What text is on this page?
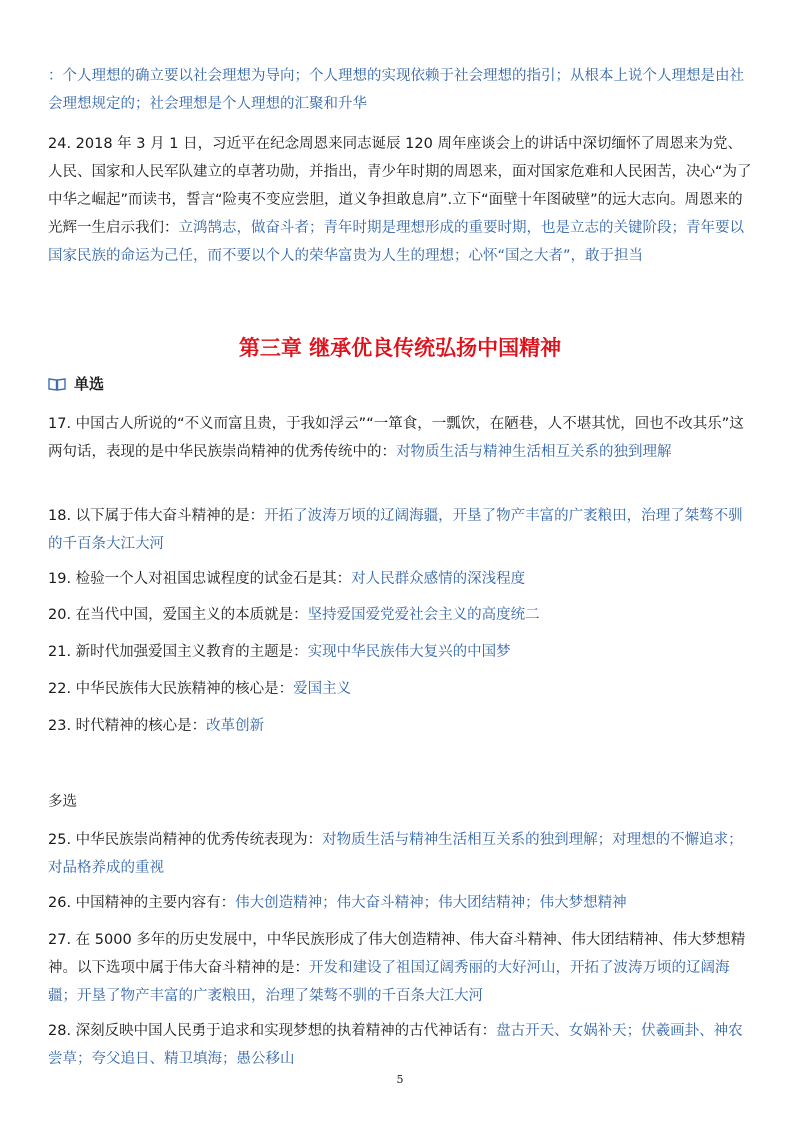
：个人理想的确立要以社会理想为导向；个人理想的实现依赖于社会理想的指引；从根本上说个人理想是由社会理想规定的；社会理想是个人理想的汇聚和升华
24. 2018 年 3 月 1 日，习近平在纪念周恩来同志诞辰 120 周年座谈会上的讲话中深切缅怀了周恩来为党、人民、国家和人民军队建立的卓著功勋，并指出，青少年时期的周恩来，面对国家危难和人民困苦，决心“为了中华之崛起”而读书，誓言“险夷不变应尝胆，道义争担敢息肩”.立下“面壁十年图破壁”的远大志向。周恩来的光辉一生启示我们：立鸿鹄志，做奋斗者；青年时期是理想形成的重要时期，也是立志的关键阶段；青年要以国家民族的命运为己任，而不要以个人的荣华富贵为人生的理想；心怀“国之大者”，敢于担当
第三章 继承优良传统弘扬中国精神
单选
17. 中国古人所说的“不义而富且贵，于我如浮云”“一箪食，一瓢饮，在陋巷，人不堪其忧，回也不改其乐”这两句话，表现的是中华民族崇尚精神的优秀传统中的：对物质生活与精神生活相互关系的独到理解
18. 以下属于伟大奋斗精神的是：开拓了波涛万顷的辽阔海疆，开垦了物产丰富的广袤粮田，治理了桀骜不驯的千百条大江大河
19. 检验一个人对祖国忠诚程度的试金石是其：对人民群众感情的深浅程度
20. 在当代中国，爱国主义的本质就是：坚持爱国爱党爱社会主义的高度统二
21. 新时代加强爱国主义教育的主题是：实现中华民族伟大复兴的中国梦
22. 中华民族伟大民族精神的核心是：爱国主义
23. 时代精神的核心是：改革创新
多选
25. 中华民族崇尚精神的优秀传统表现为：对物质生活与精神生活相互关系的独到理解；对理想的不懈追求；对品格养成的重视
26. 中国精神的主要内容有：伟大创造精神；伟大奋斗精神；伟大团结精神；伟大梦想精神
27. 在 5000 多年的历史发展中，中华民族形成了伟大创造精神、伟大奋斗精神、伟大团结精神、伟大梦想精神。以下选项中属于伟大奋斗精神的是：开发和建设了祖国辽阔秀丽的大好河山，开拓了波涛万顷的辽阔海疆；开垦了物产丰富的广袤粮田，治理了桀骜不驯的千百条大江大河
28. 深刻反映中国人民勇于追求和实现梦想的执着精神的古代神话有：盘古开天、女娲补天；伏羲画卦、神农尝草；夸父追日、精卫填海；愚公移山
5
